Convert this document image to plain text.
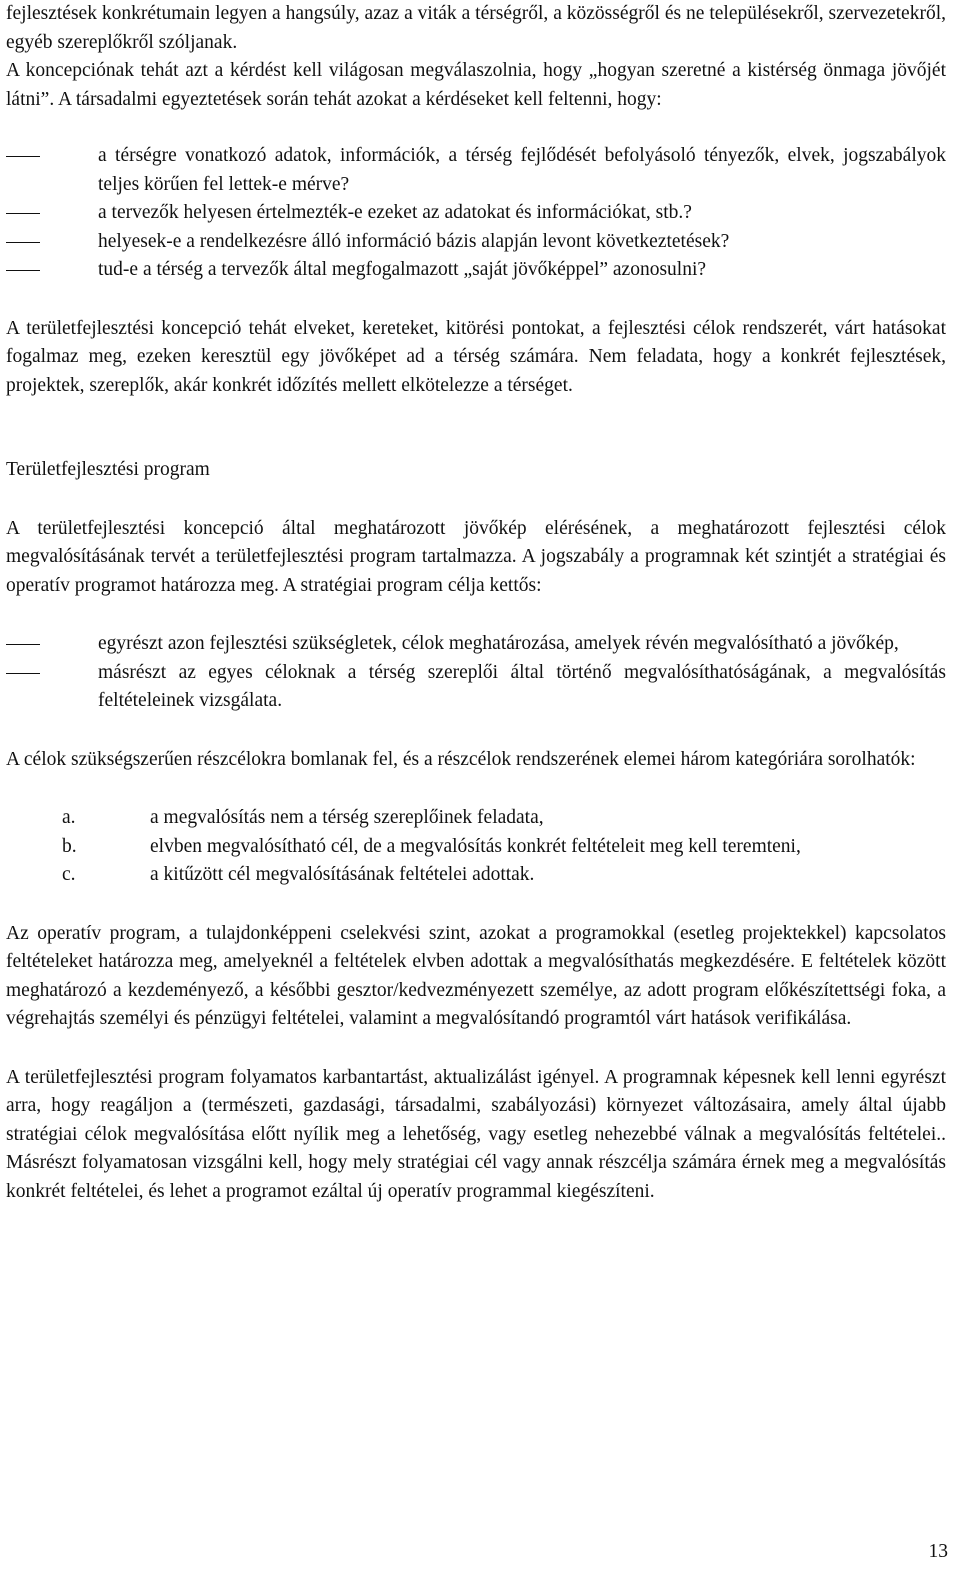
fejlesztések konkrétumain legyen a hangsúly, azaz a viták a térségről, a közösségről és ne településekről, szervezetekről, egyéb szereplőkről szóljanak.

A koncepciónak tehát azt a kérdést kell világosan megválaszolnia, hogy „hogyan szeretné a kistérség önmaga jövőjét látni”. A társadalmi egyeztetések során tehát azokat a kérdéseket kell feltenni, hogy:

a térségre vonatkozó adatok, információk, a térség fejlődését befolyásoló tényezők, elvek, jogszabályok teljes körűen fel lettek-e mérve?
a tervezők helyesen értelmezték-e ezeket az adatokat és információkat, stb.?
helyesek-e a rendelkezésre álló információ bázis alapján levont következtetések?
tud-e a térség a tervezők által megfogalmazott „saját jövőképpel” azonosulni?

A területfejlesztési koncepció tehát elveket, kereteket, kitörési pontokat, a fejlesztési célok rendszerét, várt hatásokat fogalmaz meg, ezeken keresztül egy jövőképet ad a térség számára. Nem feladata, hogy a konkrét fejlesztések, projektek, szereplők, akár konkrét időzítés mellett elkötelezze a térséget.

Területfejlesztési program

A területfejlesztési koncepció által meghatározott jövőkép elérésének, a meghatározott fejlesztési célok megvalósításának tervét a területfejlesztési program tartalmazza. A jogszabály a programnak két szintjét a stratégiai és operatív programot határozza meg. A stratégiai program célja kettős:

egyrészt azon fejlesztési szükségletek, célok meghatározása, amelyek révén megvalósítható a jövőkép,
másrészt az egyes céloknak a térség szereplői által történő megvalósíthatóságának, a megvalósítás feltételeinek vizsgálata.

A célok szükségszerűen részcélokra bomlanak fel, és a részcélok rendszerének elemei három kategóriára sorolhatók:

a.	a megvalósítás nem a térség szereplőinek feladata,
b.	elvben megvalósítható cél, de a megvalósítás konkrét feltételeit meg kell teremteni,
c.	a kitűzött cél megvalósításának feltételei adottak.

Az operatív program, a tulajdonképpeni cselekvési szint, azokat a programokkal (esetleg projektekkel) kapcsolatos feltételeket határozza meg, amelyeknél a feltételek elvben adottak a megvalósíthatás megkezdésére. E feltételek között meghatározó a kezdeményező, a későbbi gesztor/kedvezményezett személye, az adott program előkészítettségi foka, a végrehajtás személyi és pénzügyi feltételei, valamint a megvalósítandó programtól várt hatások verifikálása.

A területfejlesztési program folyamatos karbantartást, aktualizálást igényel. A programnak képesnek kell lenni egyrészt arra, hogy reagáljon a (természeti, gazdasági, társadalmi, szabályozási) környezet változásaira, amely által újabb stratégiai célok megvalósítása előtt nyílik meg a lehetőség, vagy esetleg nehezebbé válnak a megvalósítás feltételei.. Másrészt folyamatosan vizsgálni kell, hogy mely stratégiai cél vagy annak részcélja számára érnek meg a megvalósítás konkrét feltételei, és lehet a programot ezáltal új operatív programmal kiegészíteni.

13
